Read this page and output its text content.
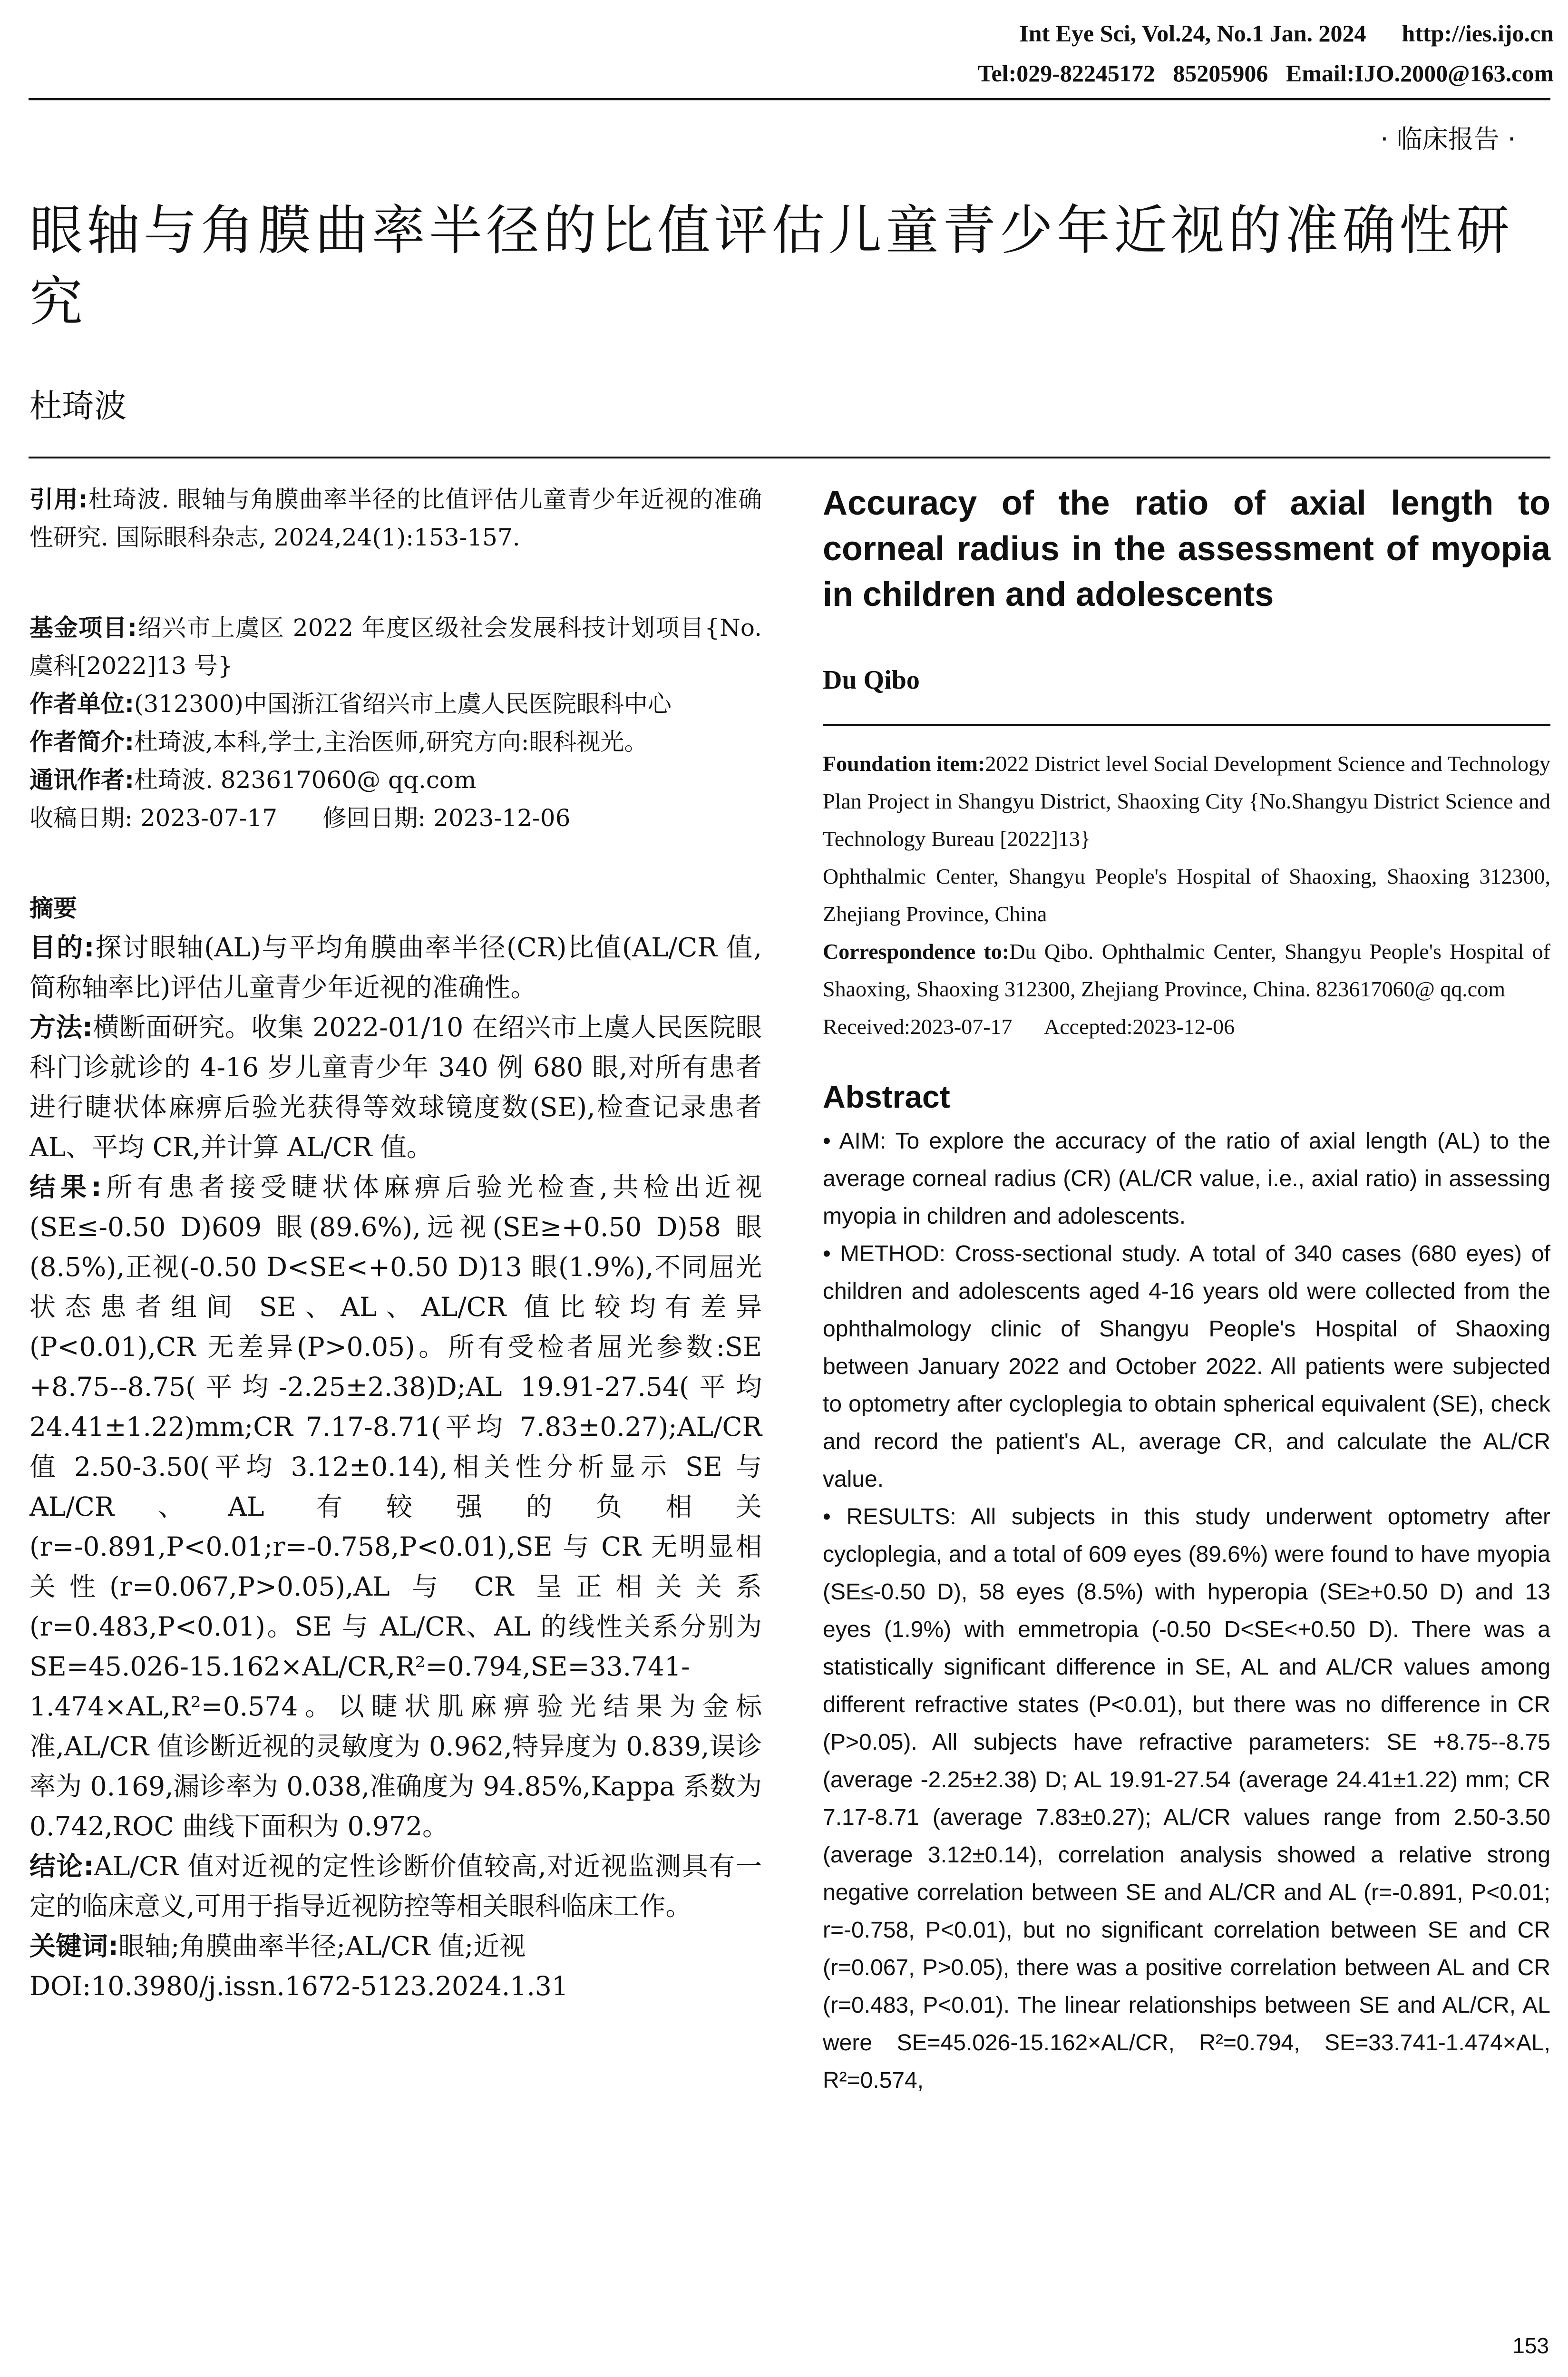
Int Eye Sci, Vol.24, No.1 Jan. 2024      http://ies.ijo.cn
Tel:029-82245172   85205906   Email:IJO.2000@163.com
· 临床报告 ·
眼轴与角膜曲率半径的比值评估儿童青少年近视的准确性研究
杜琦波

引用:杜琦波. 眼轴与角膜曲率半径的比值评估儿童青少年近视的准确性研究. 国际眼科杂志, 2024,24(1):153-157.

基金项目:绍兴市上虞区 2022 年度区级社会发展科技计划项目{No.虞科[2022]13 号}

作者单位:(312300)中国浙江省绍兴市上虞人民医院眼科中心

作者简介:杜琦波,本科,学士,主治医师,研究方向:眼科视光。

通讯作者:杜琦波. 823617060@ qq.com

收稿日期: 2023-07-17      修回日期: 2023-12-06

摘要

目的:探讨眼轴(AL)与平均角膜曲率半径(CR)比值(AL/CR 值,简称轴率比)评估儿童青少年近视的准确性。

方法:横断面研究。收集 2022-01/10 在绍兴市上虞人民医院眼科门诊就诊的 4-16 岁儿童青少年 340 例 680 眼,对所有患者进行睫状体麻痹后验光获得等效球镜度数(SE),检查记录患者 AL、平均 CR,并计算 AL/CR 值。

结果:所有患者接受睫状体麻痹后验光检查,共检出近视(SE≤-0.50 D)609 眼(89.6%),远视(SE≥+0.50 D)58 眼(8.5%),正视(-0.50 D<SE<+0.50 D)13 眼(1.9%),不同屈光状态患者组间 SE、AL、AL/CR 值比较均有差异(P<0.01),CR 无差异(P>0.05)。所有受检者屈光参数:SE +8.75--8.75(平均-2.25±2.38)D;AL 19.91-27.54(平均 24.41±1.22)mm;CR 7.17-8.71(平均 7.83±0.27);AL/CR 值 2.50-3.50(平均 3.12±0.14),相关性分析显示 SE 与 AL/CR、AL 有较强的负相关(r=-0.891,P<0.01;r=-0.758,P<0.01),SE 与 CR 无明显相关性(r=0.067,P>0.05),AL 与 CR 呈正相关关系(r=0.483,P<0.01)。SE 与 AL/CR、AL 的线性关系分别为 SE=45.026-15.162×AL/CR,R²=0.794,SE=33.741-1.474×AL,R²=0.574。以睫状肌麻痹验光结果为金标准,AL/CR 值诊断近视的灵敏度为 0.962,特异度为 0.839,误诊率为 0.169,漏诊率为 0.038,准确度为 94.85%,Kappa 系数为 0.742,ROC 曲线下面积为 0.972。

结论:AL/CR 值对近视的定性诊断价值较高,对近视监测具有一定的临床意义,可用于指导近视防控等相关眼科临床工作。

关键词:眼轴;角膜曲率半径;AL/CR 值;近视

DOI:10.3980/j.issn.1672-5123.2024.1.31

Accuracy of the ratio of axial length to corneal radius in the assessment of myopia in children and adolescents
Du Qibo

Foundation item:2022 District level Social Development Science and Technology Plan Project in Shangyu District, Shaoxing City {No.Shangyu District Science and Technology Bureau [2022]13}

Ophthalmic Center, Shangyu People's Hospital of Shaoxing, Shaoxing 312300, Zhejiang Province, China

Correspondence to:Du Qibo. Ophthalmic Center, Shangyu People's Hospital of Shaoxing, Shaoxing 312300, Zhejiang Province, China. 823617060@ qq.com

Received:2023-07-17      Accepted:2023-12-06

Abstract

• AIM: To explore the accuracy of the ratio of axial length (AL) to the average corneal radius (CR) (AL/CR value, i.e., axial ratio) in assessing myopia in children and adolescents.

• METHOD: Cross-sectional study. A total of 340 cases (680 eyes) of children and adolescents aged 4-16 years old were collected from the ophthalmology clinic of Shangyu People's Hospital of Shaoxing between January 2022 and October 2022. All patients were subjected to optometry after cycloplegia to obtain spherical equivalent (SE), check and record the patient's AL, average CR, and calculate the AL/CR value.

• RESULTS: All subjects in this study underwent optometry after cycloplegia, and a total of 609 eyes (89.6%) were found to have myopia (SE≤-0.50 D), 58 eyes (8.5%) with hyperopia (SE≥+0.50 D) and 13 eyes (1.9%) with emmetropia (-0.50 D<SE<+0.50 D). There was a statistically significant difference in SE, AL and AL/CR values among different refractive states (P<0.01), but there was no difference in CR (P>0.05). All subjects have refractive parameters: SE +8.75--8.75 (average -2.25±2.38) D; AL 19.91-27.54 (average 24.41±1.22) mm; CR 7.17-8.71 (average 7.83±0.27); AL/CR values range from 2.50-3.50 (average 3.12±0.14), correlation analysis showed a relative strong negative correlation between SE and AL/CR and AL (r=-0.891, P<0.01; r=-0.758, P<0.01), but no significant correlation between SE and CR (r=0.067, P>0.05), there was a positive correlation between AL and CR (r=0.483, P<0.01). The linear relationships between SE and AL/CR, AL were SE=45.026-15.162×AL/CR, R²=0.794, SE=33.741-1.474×AL, R²=0.574,

153
